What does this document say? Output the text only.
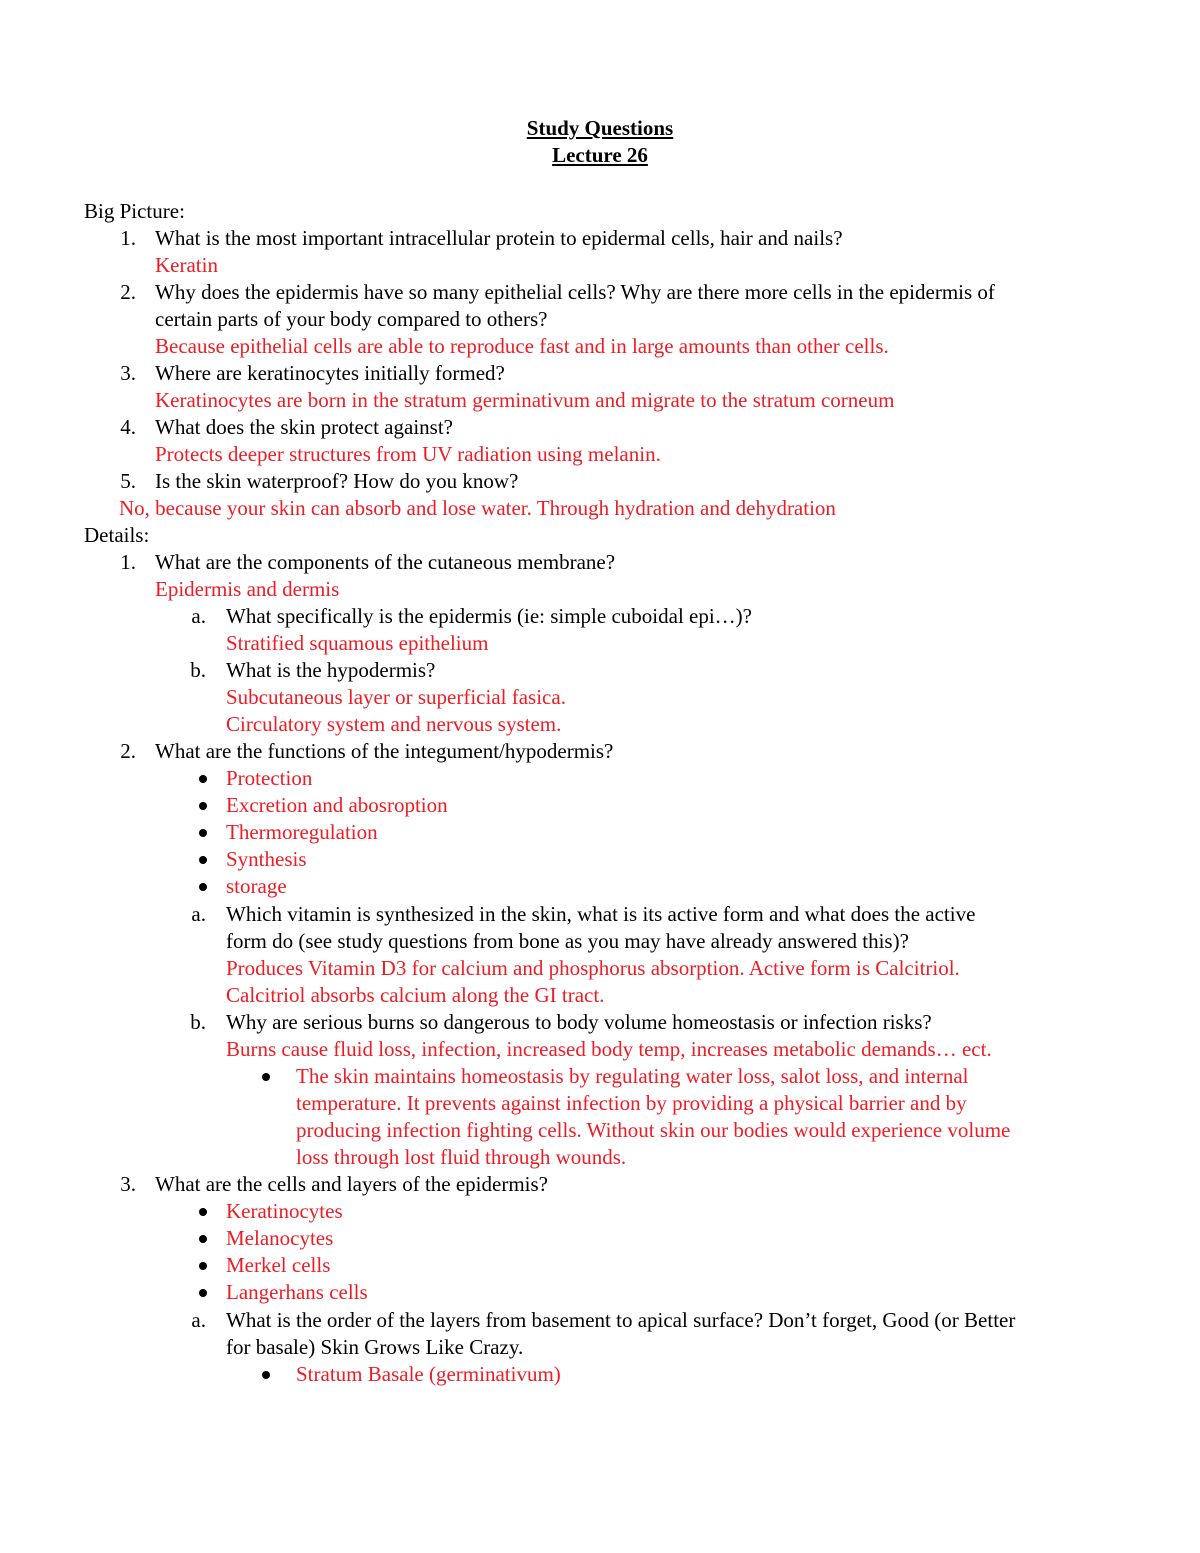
Study Questions
Lecture 26
Big Picture:
1. What is the most important intracellular protein to epidermal cells, hair and nails?
Keratin
2. Why does the epidermis have so many epithelial cells? Why are there more cells in the epidermis of
certain parts of your body compared to others?
Because epithelial cells are able to reproduce fast and in large amounts than other cells.
3. Where are keratinocytes initially formed?
Keratinocytes are born in the stratum germinativum and migrate to the stratum corneum
4. What does the skin protect against?
Protects deeper structures from UV radiation using melanin.
5. Is the skin waterproof? How do you know?
No, because your skin can absorb and lose water. Through hydration and dehydration
Details:
1. What are the components of the cutaneous membrane?
Epidermis and dermis
a. What specifically is the epidermis (ie: simple cuboidal epi…)?
Stratified squamous epithelium
b. What is the hypodermis?
Subcutaneous layer or superficial fasica.
Circulatory system and nervous system.
2. What are the functions of the integument/hypodermis?
Protection
Excretion and abosroption
Thermoregulation
Synthesis
storage
a. Which vitamin is synthesized in the skin, what is its active form and what does the active
form do (see study questions from bone as you may have already answered this)?
Produces Vitamin D3 for calcium and phosphorus absorption. Active form is Calcitriol.
Calcitriol absorbs calcium along the GI tract.
b. Why are serious burns so dangerous to body volume homeostasis or infection risks?
Burns cause fluid loss, infection, increased body temp, increases metabolic demands… ect.
The skin maintains homeostasis by regulating water loss, salot loss, and internal
temperature. It prevents against infection by providing a physical barrier and by
producing infection fighting cells. Without skin our bodies would experience volume
loss through lost fluid through wounds.
3. What are the cells and layers of the epidermis?
Keratinocytes
Melanocytes
Merkel cells
Langerhans cells
a. What is the order of the layers from basement to apical surface? Don’t forget, Good (or Better
for basale) Skin Grows Like Crazy.
Stratum Basale (germinativum)
